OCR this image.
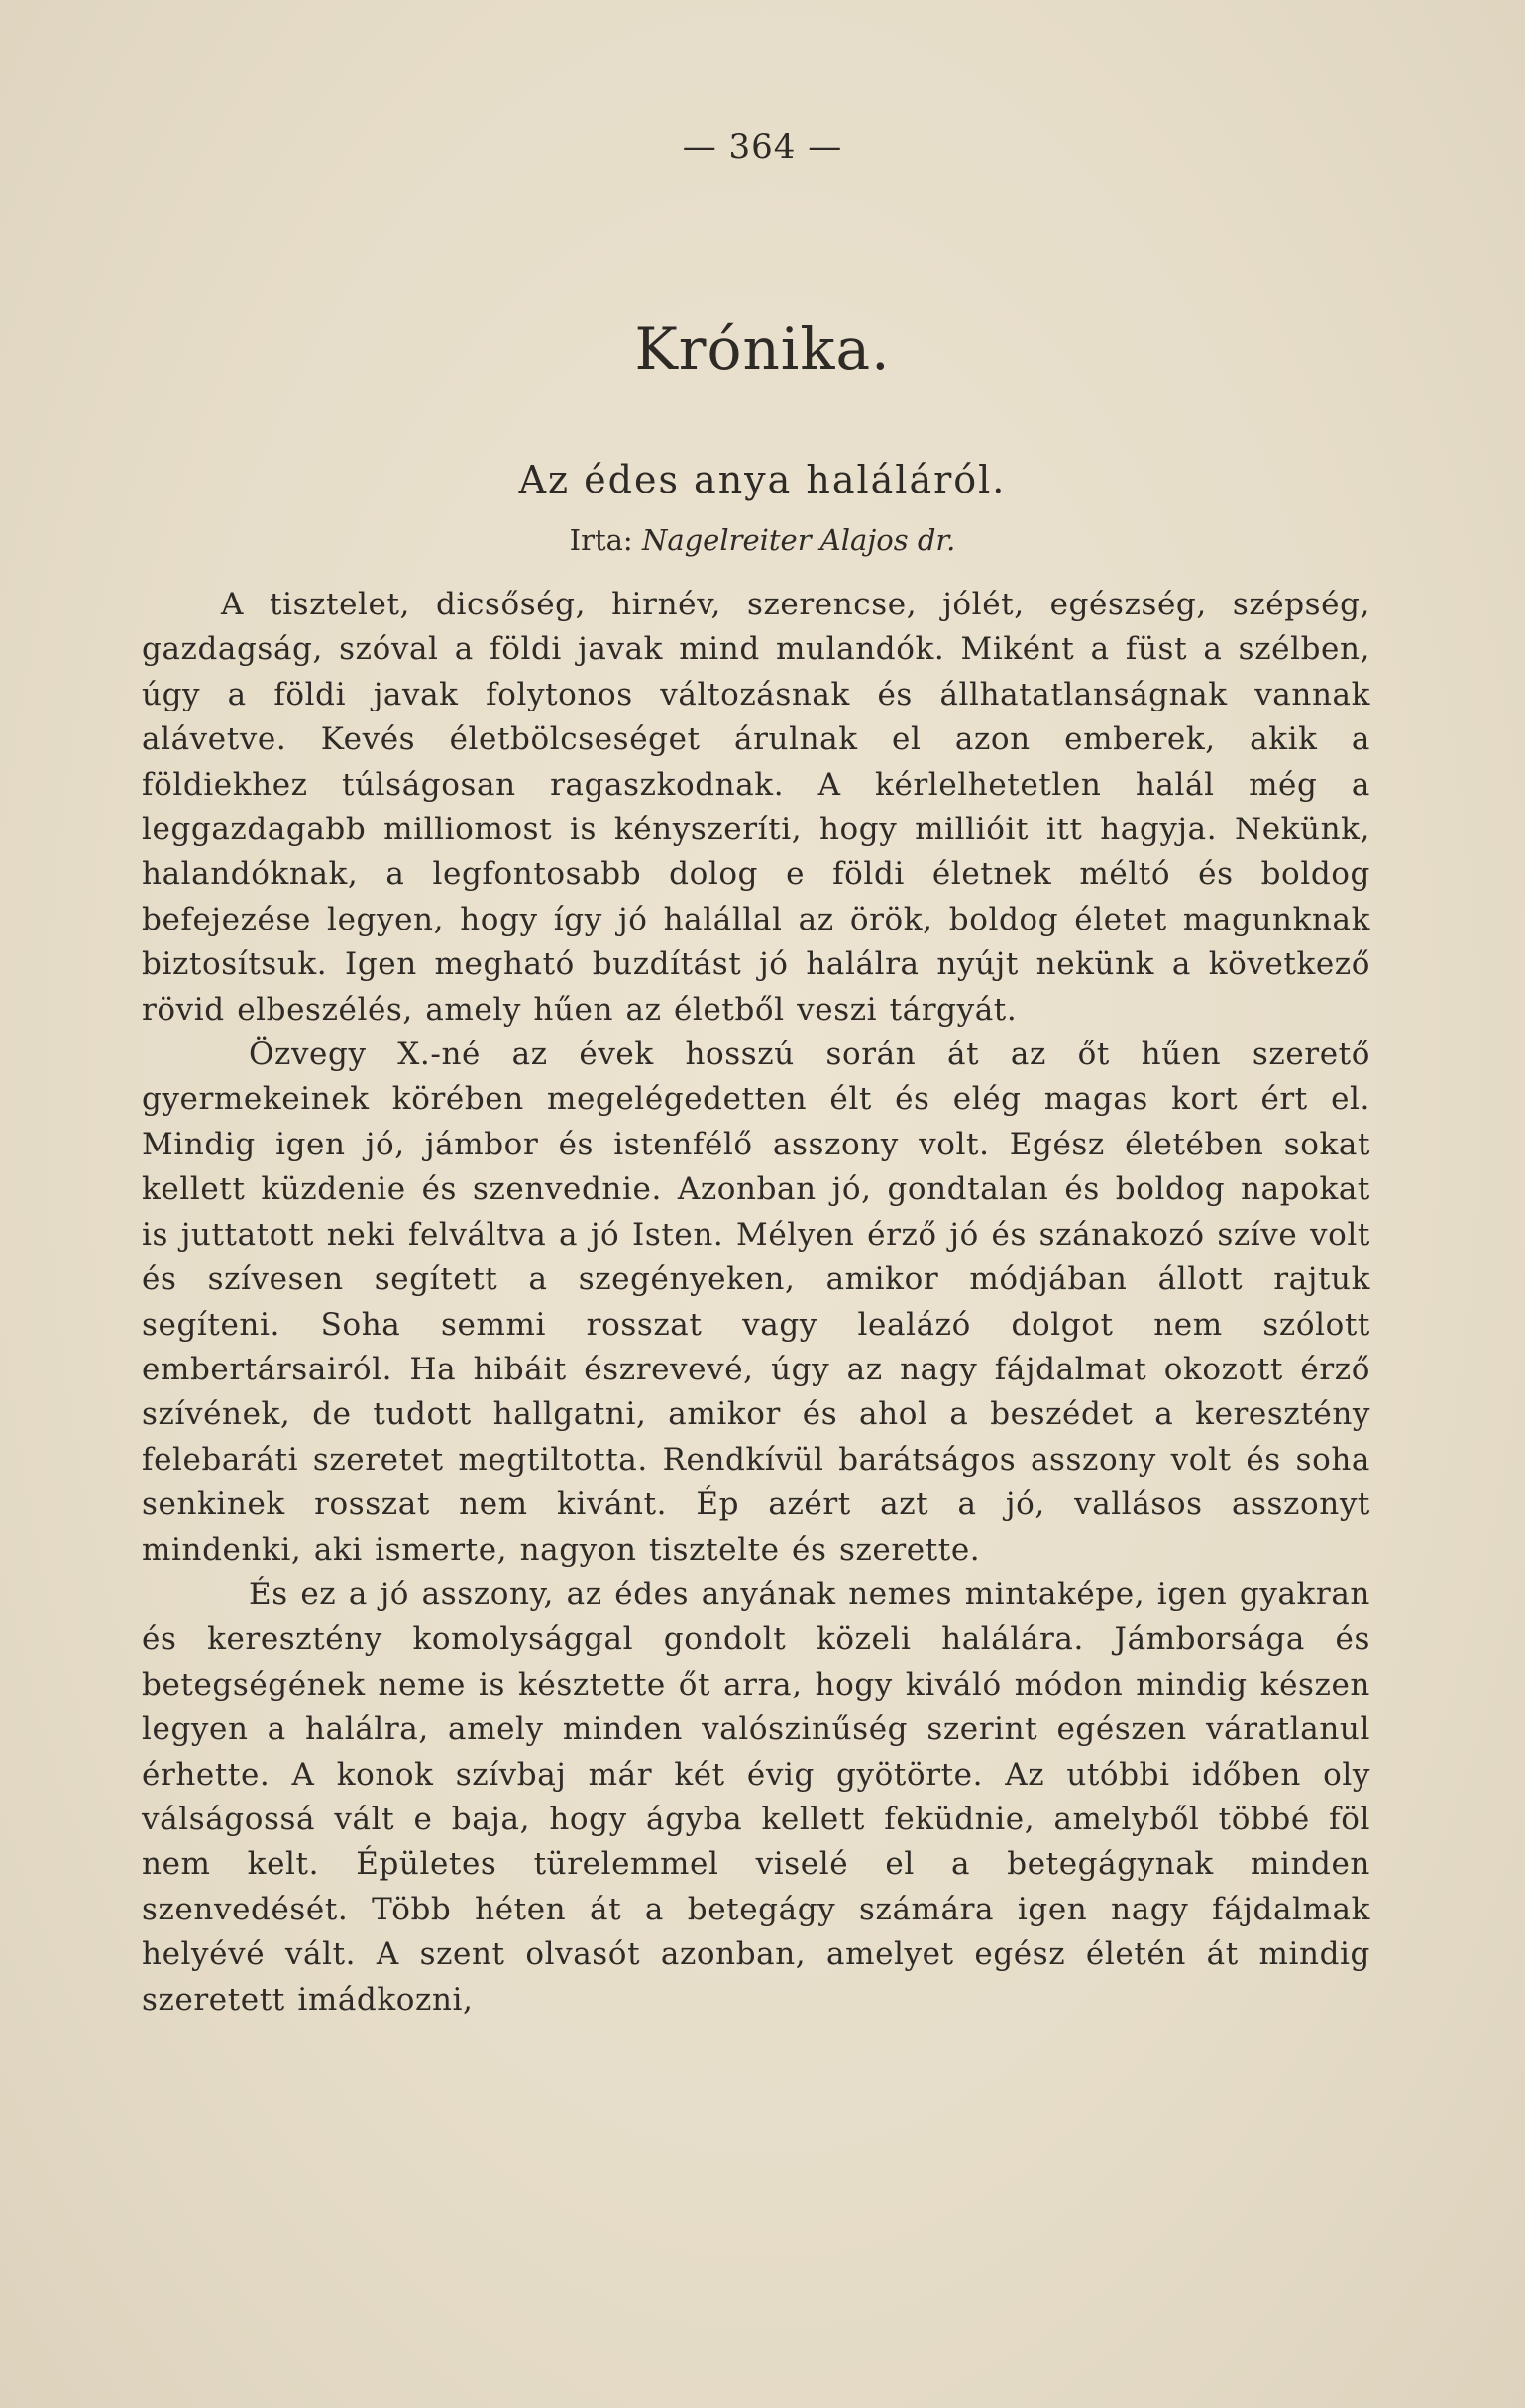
— 364 —
Krónika.
Az édes anya haláláról.
Irta: Nagelreiter Alajos dr.

A tisztelet, dicsőség, hirnév, szerencse, jólét, egészség, szépség, gazdagság, szóval a földi javak mind mulandók. Miként a füst a szélben, úgy a földi javak folytonos változásnak és állhatatlanságnak vannak alávetve. Kevés életbölcseséget árulnak el azon emberek, akik a földiekhez túlságosan ragaszkodnak. A kérlelhetetlen halál még a leggazdagabb milliomost is kényszeríti, hogy millióit itt hagyja. Nekünk, halandóknak, a legfontosabb dolog e földi életnek méltó és boldog befejezése legyen, hogy így jó halállal az örök, boldog életet magunknak biztosítsuk. Igen megható buzdítást jó halálra nyújt nekünk a következő rövid elbeszélés, amely hűen az életből veszi tárgyát.

Özvegy X.-né az évek hosszú során át az őt hűen szerető gyermekeinek körében megelégedetten élt és elég magas kort ért el. Mindig igen jó, jámbor és istenfélő asszony volt. Egész életében sokat kellett küzdenie és szenvednie. Azonban jó, gondtalan és boldog napokat is juttatott neki felváltva a jó Isten. Mélyen érző jó és szánakozó szíve volt és szívesen segített a szegényeken, amikor módjában állott rajtuk segíteni. Soha semmi rosszat vagy lealázó dolgot nem szólott embertársairól. Ha hibáit észrevevé, úgy az nagy fájdalmat okozott érző szívének, de tudott hallgatni, amikor és ahol a beszédet a keresztény felebaráti szeretet megtiltotta. Rendkívül barátságos asszony volt és soha senkinek rosszat nem kivánt. Ép azért azt a jó, vallásos asszonyt mindenki, aki ismerte, nagyon tisztelte és szerette.

És ez a jó asszony, az édes anyának nemes mintaképe, igen gyakran és keresztény komolysággal gondolt közeli halálára. Jámborsága és betegségének neme is késztette őt arra, hogy kiváló módon mindig készen legyen a halálra, amely minden valószinűség szerint egészen váratlanul érhette. A konok szívbaj már két évig gyötörte. Az utóbbi időben oly válságossá vált e baja, hogy ágyba kellett feküdnie, amelyből többé föl nem kelt. Épületes türelemmel viselé el a betegágynak minden szenvedését. Több héten át a betegágy számára igen nagy fájdalmak helyévé vált. A szent olvasót azonban, amelyet egész életén át mindig szeretett imádkozni,
